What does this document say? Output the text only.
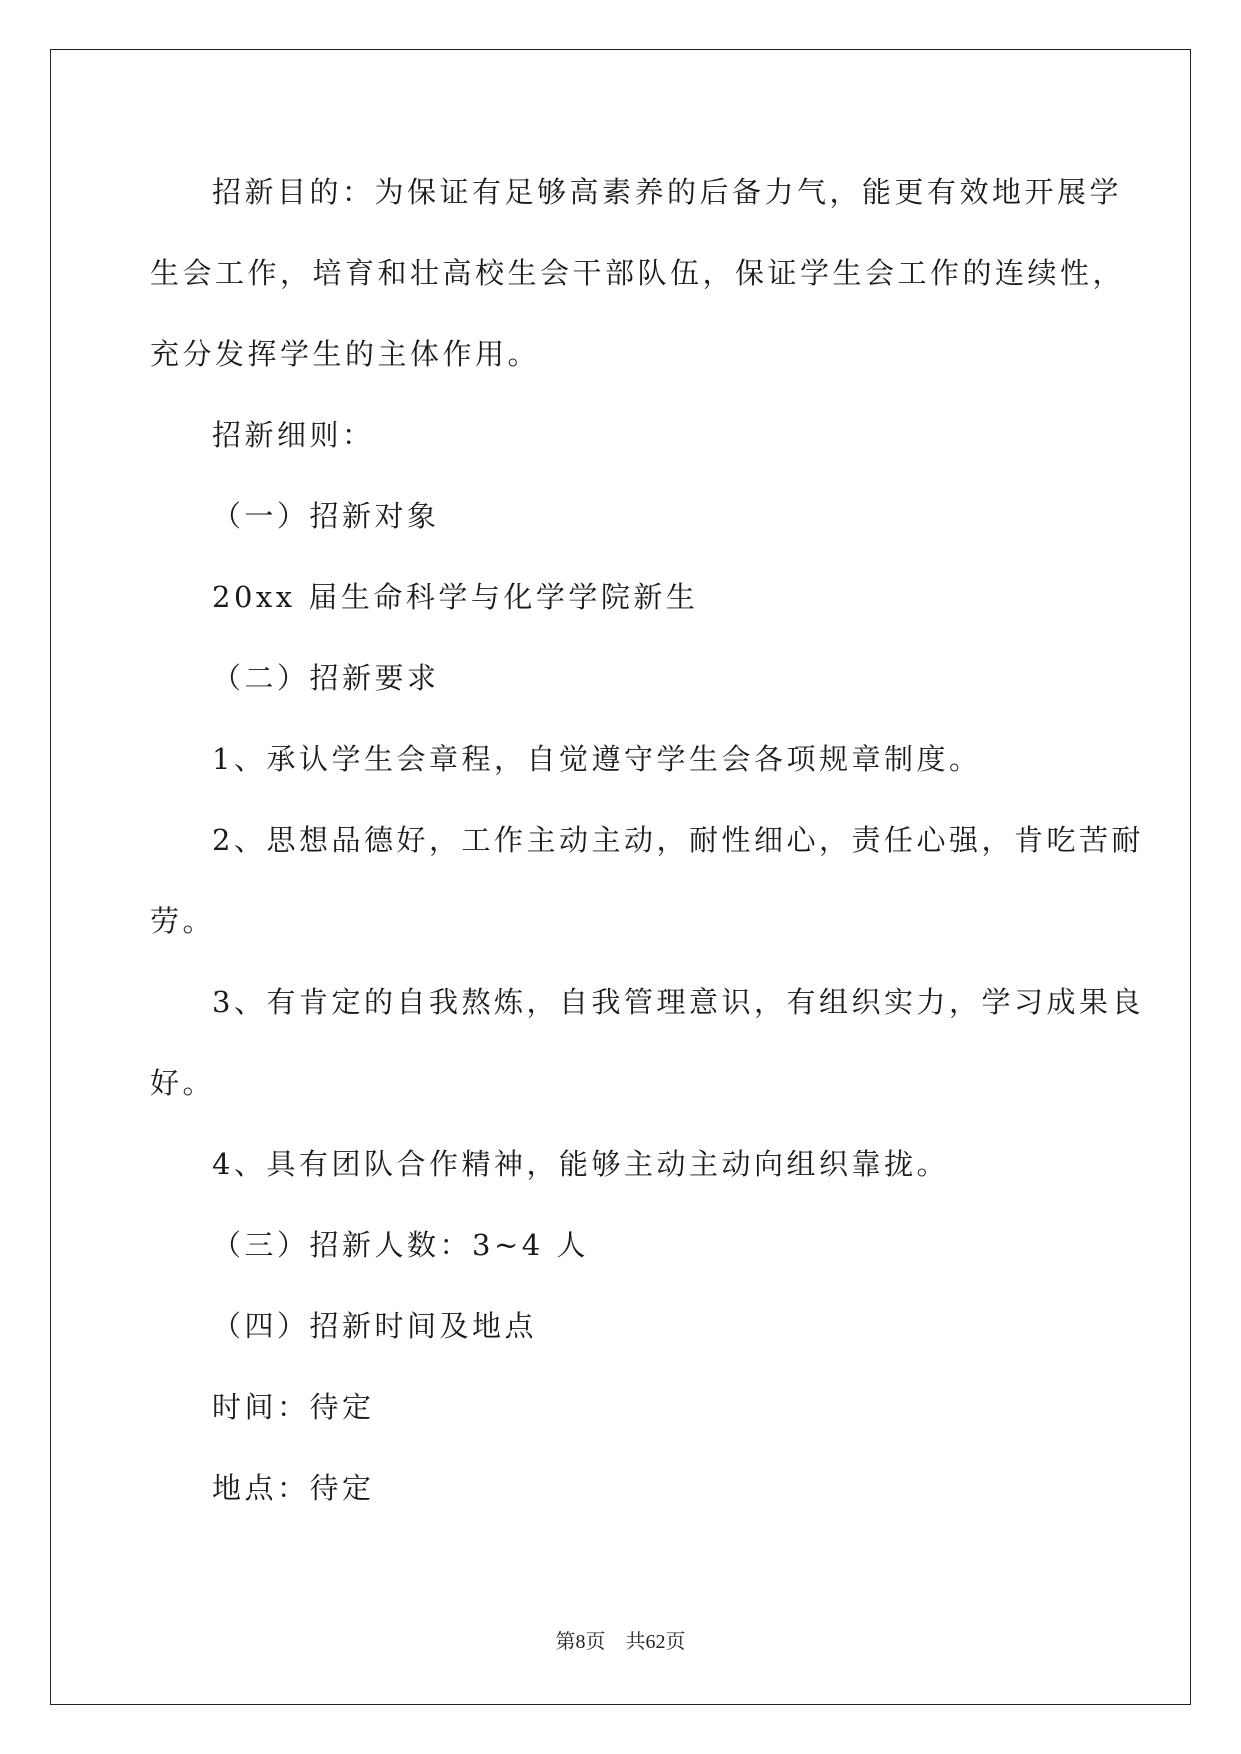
招新目的：为保证有足够高素养的后备力气，能更有效地开展学
生会工作，培育和壮高校生会干部队伍，保证学生会工作的连续性，
充分发挥学生的主体作用。
招新细则：
（一）招新对象
20xx 届生命科学与化学学院新生
（二）招新要求
1、承认学生会章程，自觉遵守学生会各项规章制度。
2、思想品德好，工作主动主动，耐性细心，责任心强，肯吃苦耐
劳。
3、有肯定的自我熬炼，自我管理意识，有组织实力，学习成果良
好。
4、具有团队合作精神，能够主动主动向组织靠拢。
（三）招新人数：3~4 人
（四）招新时间及地点
时间：待定
地点：待定
第8页 共62页
